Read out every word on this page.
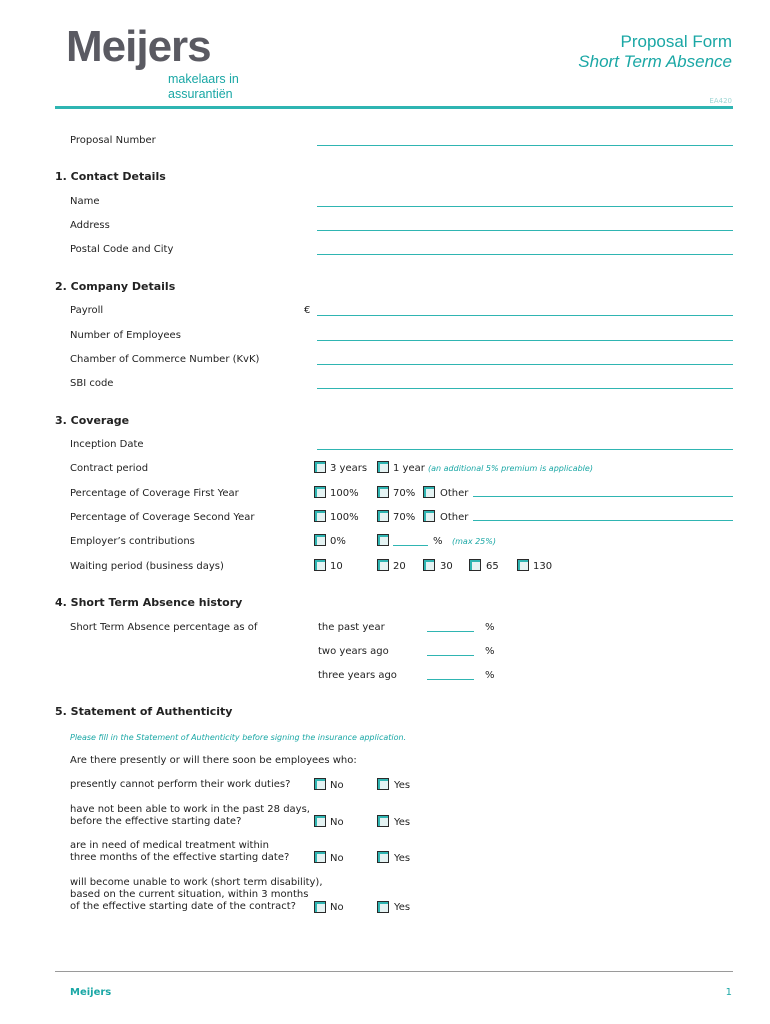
Meijers
makelaars in
assurantiën
Proposal Form
Short Term Absence
EA420
Proposal Number
1. Contact Details
Name
Address
Postal Code and City
2. Company Details
Payroll	€
Number of Employees
Chamber of Commerce Number (KvK)
SBI code
3. Coverage
Inception Date
Contract period	3 years	1 year (an additional 5% premium is applicable)
Percentage of Coverage First Year	100%	70% Other
Percentage of Coverage Second Year	100%	70% Other
Employer’s contributions	0%	% (max 25%)
Waiting period (business days)	10	20	30	65	130
4. Short Term Absence history
Short Term Absence percentage as of	the past year	%
two years ago	%
three years ago	%
5. Statement of Authenticity
Please fill in the Statement of Authenticity before signing the insurance application.
Are there presently or will there soon be employees who:
presently cannot perform their work duties?	No	Yes
have not been able to work in the past 28 days,
before the effective starting date?	No	Yes
are in need of medical treatment within
three months of the effective starting date?	No	Yes
will become unable to work (short term disability),
based on the current situation, within 3 months
of the effective starting date of the contract?	No	Yes
Meijers	1
